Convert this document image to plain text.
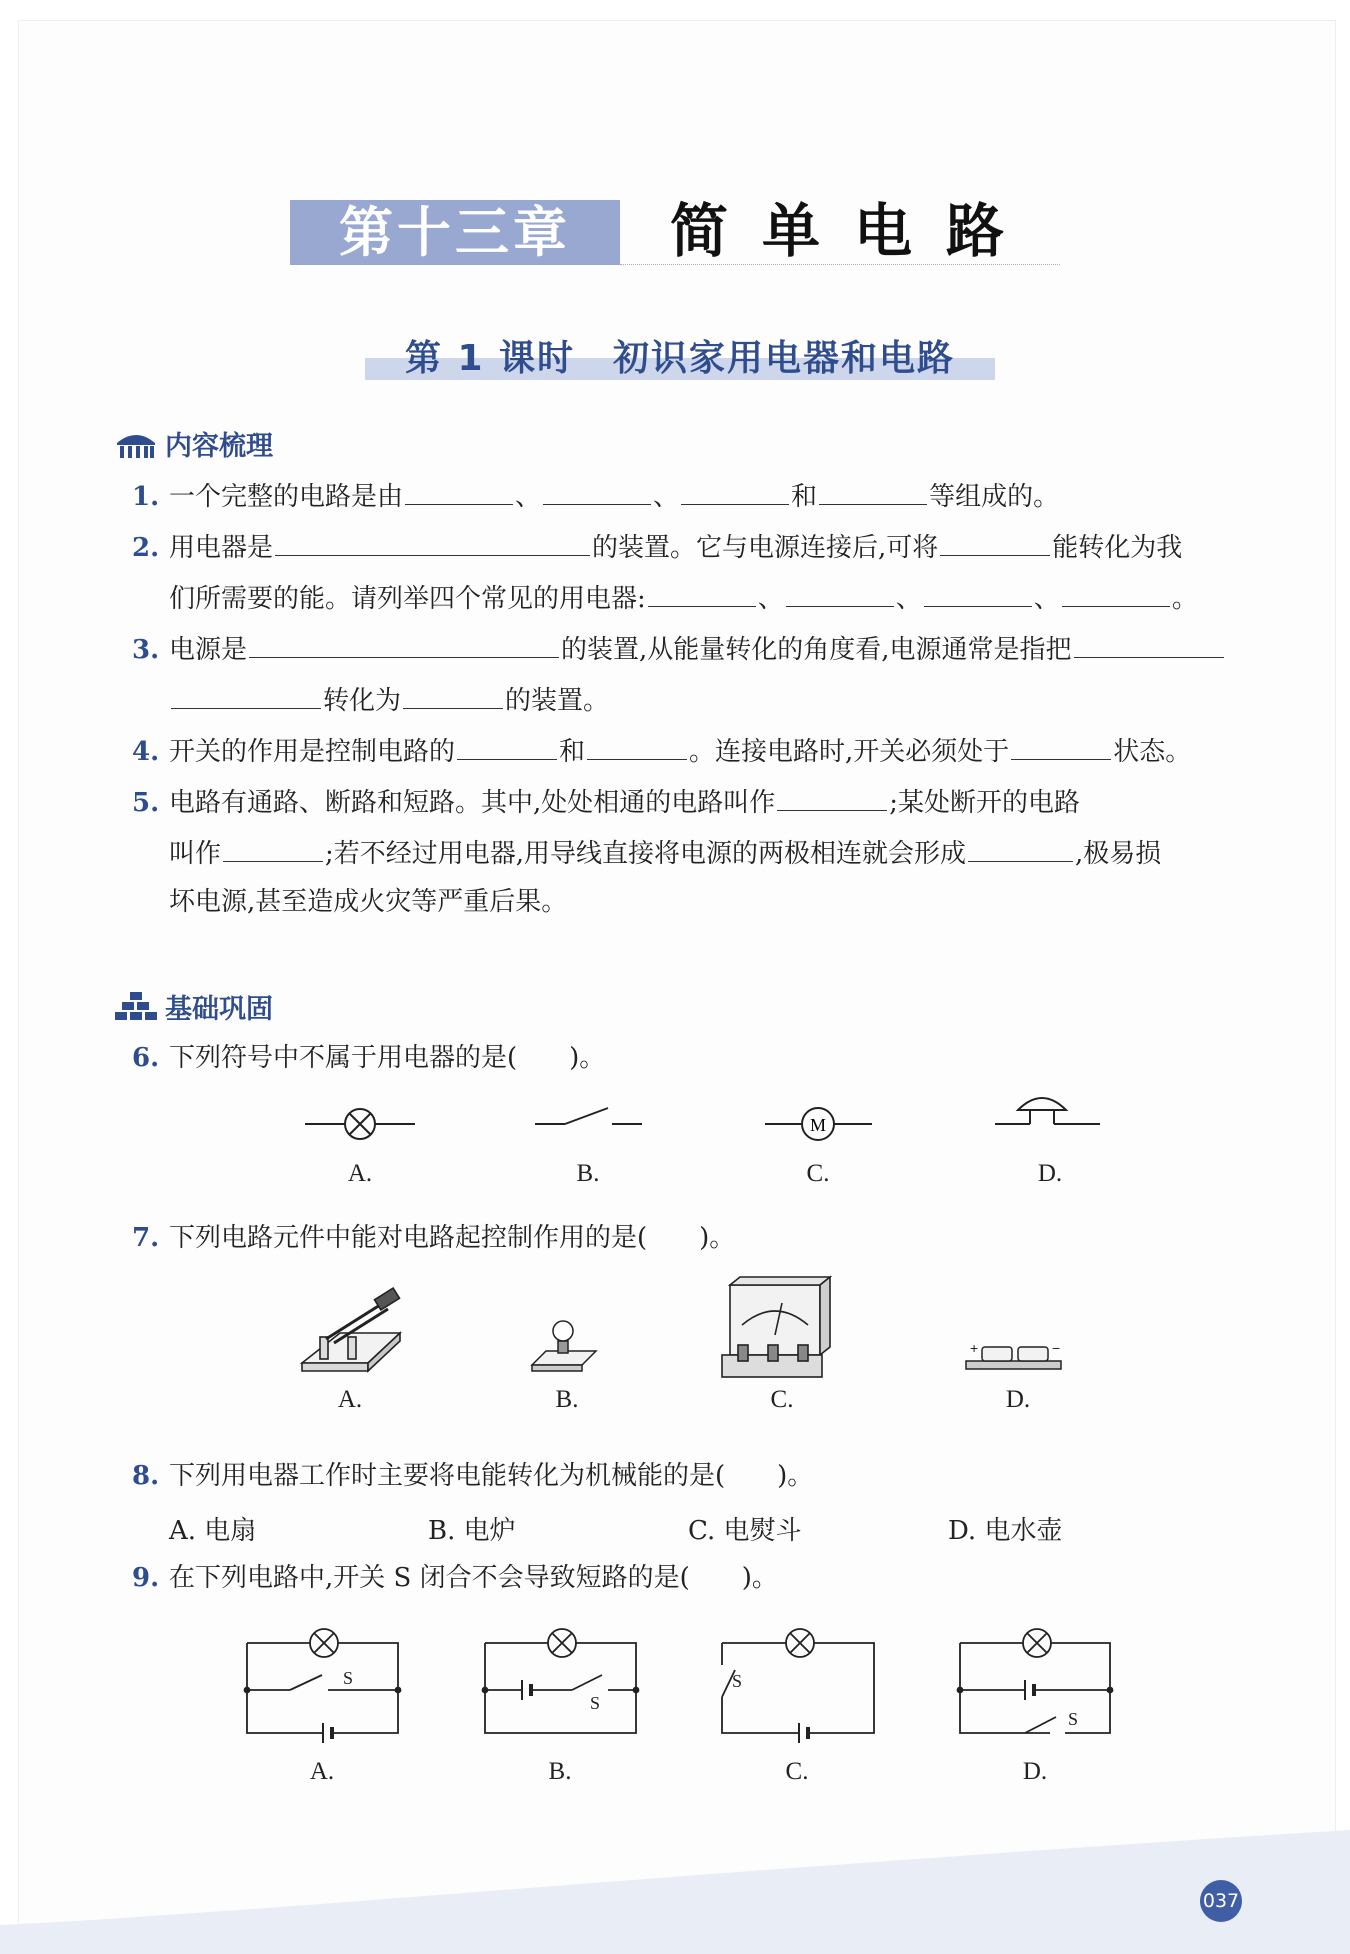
第十三章	简单电路
第 1 课时　初识家用电器和电路
内容梳理
1. 一个完整的电路是由	、	、	和	等组成的。
2. 用电器是	的装置。它与电源连接后,可将	能转化为我
们所需要的能。请列举四个常见的用电器:	、	、	、	。
3. 电源是	的装置,从能量转化的角度看,电源通常是指把
转化为	的装置。
4. 开关的作用是控制电路的	和	。连接电路时,开关必须处于	状态。
5. 电路有通路、断路和短路。其中,处处相通的电路叫作	;某处断开的电路
叫作	;若不经过用电器,用导线直接将电源的两极相连就会形成	,极易损
坏电源,甚至造成火灾等严重后果。
基础巩固
6. 下列符号中不属于用电器的是(　　)。
M
A.	B.	C.	D.
7. 下列电路元件中能对电路起控制作用的是(　　)。
+	−
A.	B.	C.	D.
8. 下列用电器工作时主要将电能转化为机械能的是(　　)。
A. 电扇	B. 电炉	C. 电熨斗	D. 电水壶
9. 在下列电路中,开关 S 闭合不会导致短路的是(　　)。
S
S
S
S
A.	B.	C.	D.
037
